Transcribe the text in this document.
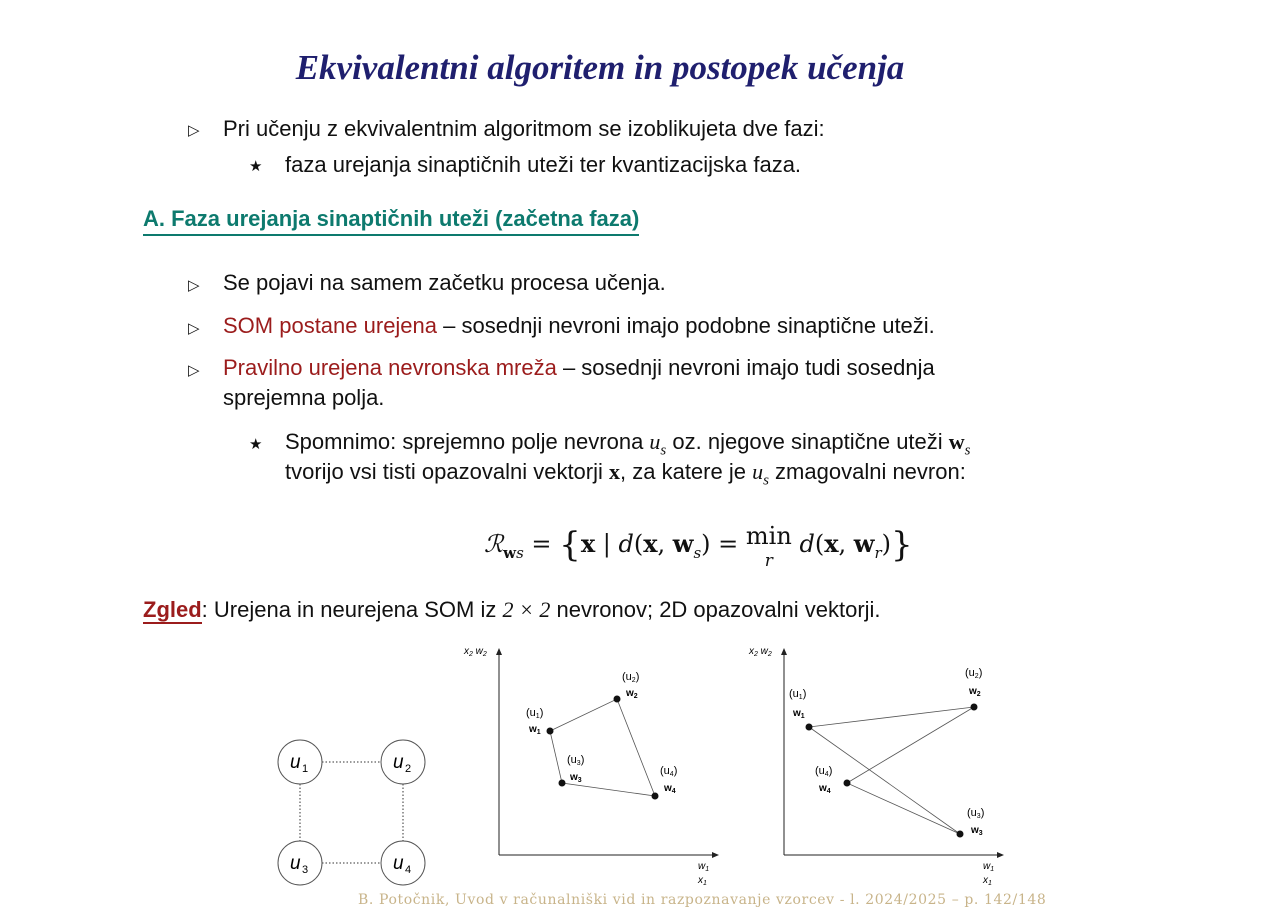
Ekvivalentni algoritem in postopek učenja
▷ Pri učenju z ekvivalentnim algoritmom se izoblikujeta dve fazi:
★ faza urejanja sinaptičnih uteži ter kvantizacijska faza.
A. Faza urejanja sinaptičnih uteži (začetna faza)
▷ Se pojavi na samem začetku procesa učenja.
▷ SOM postane urejena – sosednji nevroni imajo podobne sinaptične uteži.
▷ Pravilno urejena nevronska mreža – sosednji nevroni imajo tudi sosednja
sprejemna polja.
★ Spomnimo: sprejemno polje nevrona $u_s$ oz. njegove sinaptične uteži $w_s$
tvorijo vsi tisti opazovalni vektorji x, za katere je $u_s$ zmagovalni nevron:
ℛ$_{ws}$ = {x | d(x, $w_s) = \min$
r d(x, $w_r$)}
Zgled: Urejena in neurejena SOM iz 2 × 2 nevronov; 2D opazovalni vektorji.
u 1	u 2
u 3	u 4
$x_2$ $w_2$
$w_1$
$x_1$
(u1)
$w_1$
(u2)
$w_2$
(u3)
$w_3$
(u4)
$w_4$
$x_2$ $w_2$
$w_1$
$x_1$
(u1)
$w_1$
(u2)
$w_2$
(u3)
$w_3$
(u4)
$w_4$
B. Potočnik, Uvod v računalniški vid in razpoznavanje vzorcev - l. 2024/2025 – p. 142/148
